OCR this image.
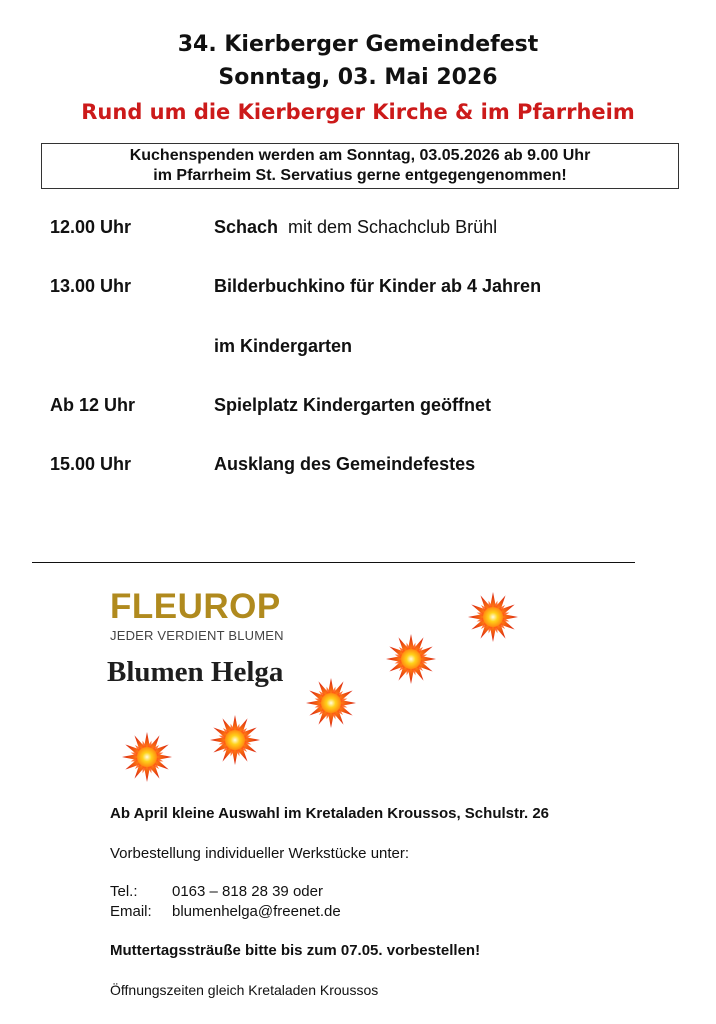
34. Kierberger Gemeindefest
Sonntag, 03. Mai 2026
Rund um die Kierberger Kirche & im Pfarrheim
Kuchenspenden werden am Sonntag, 03.05.2026 ab 9.00 Uhr
im Pfarrheim St. Servatius gerne entgegengenommen!
12.00 Uhr	Schach  mit dem Schachclub Brühl
13.00 Uhr	Bilderbuchkino für Kinder ab 4 Jahren
im Kindergarten
Ab 12 Uhr	Spielplatz Kindergarten geöffnet
15.00 Uhr	Ausklang des Gemeindefestes
FLEUROP
JEDER VERDIENT BLUMEN
Blumen Helga
Ab April kleine Auswahl im Kretaladen Kroussos, Schulstr. 26
Vorbestellung individueller Werkstücke unter:
Tel.: 0163 – 818 28 39 oder
Email: blumenhelga@freenet.de
Muttertagssträuße bitte bis zum 07.05. vorbestellen!
Öffnungszeiten gleich Kretaladen Kroussos
